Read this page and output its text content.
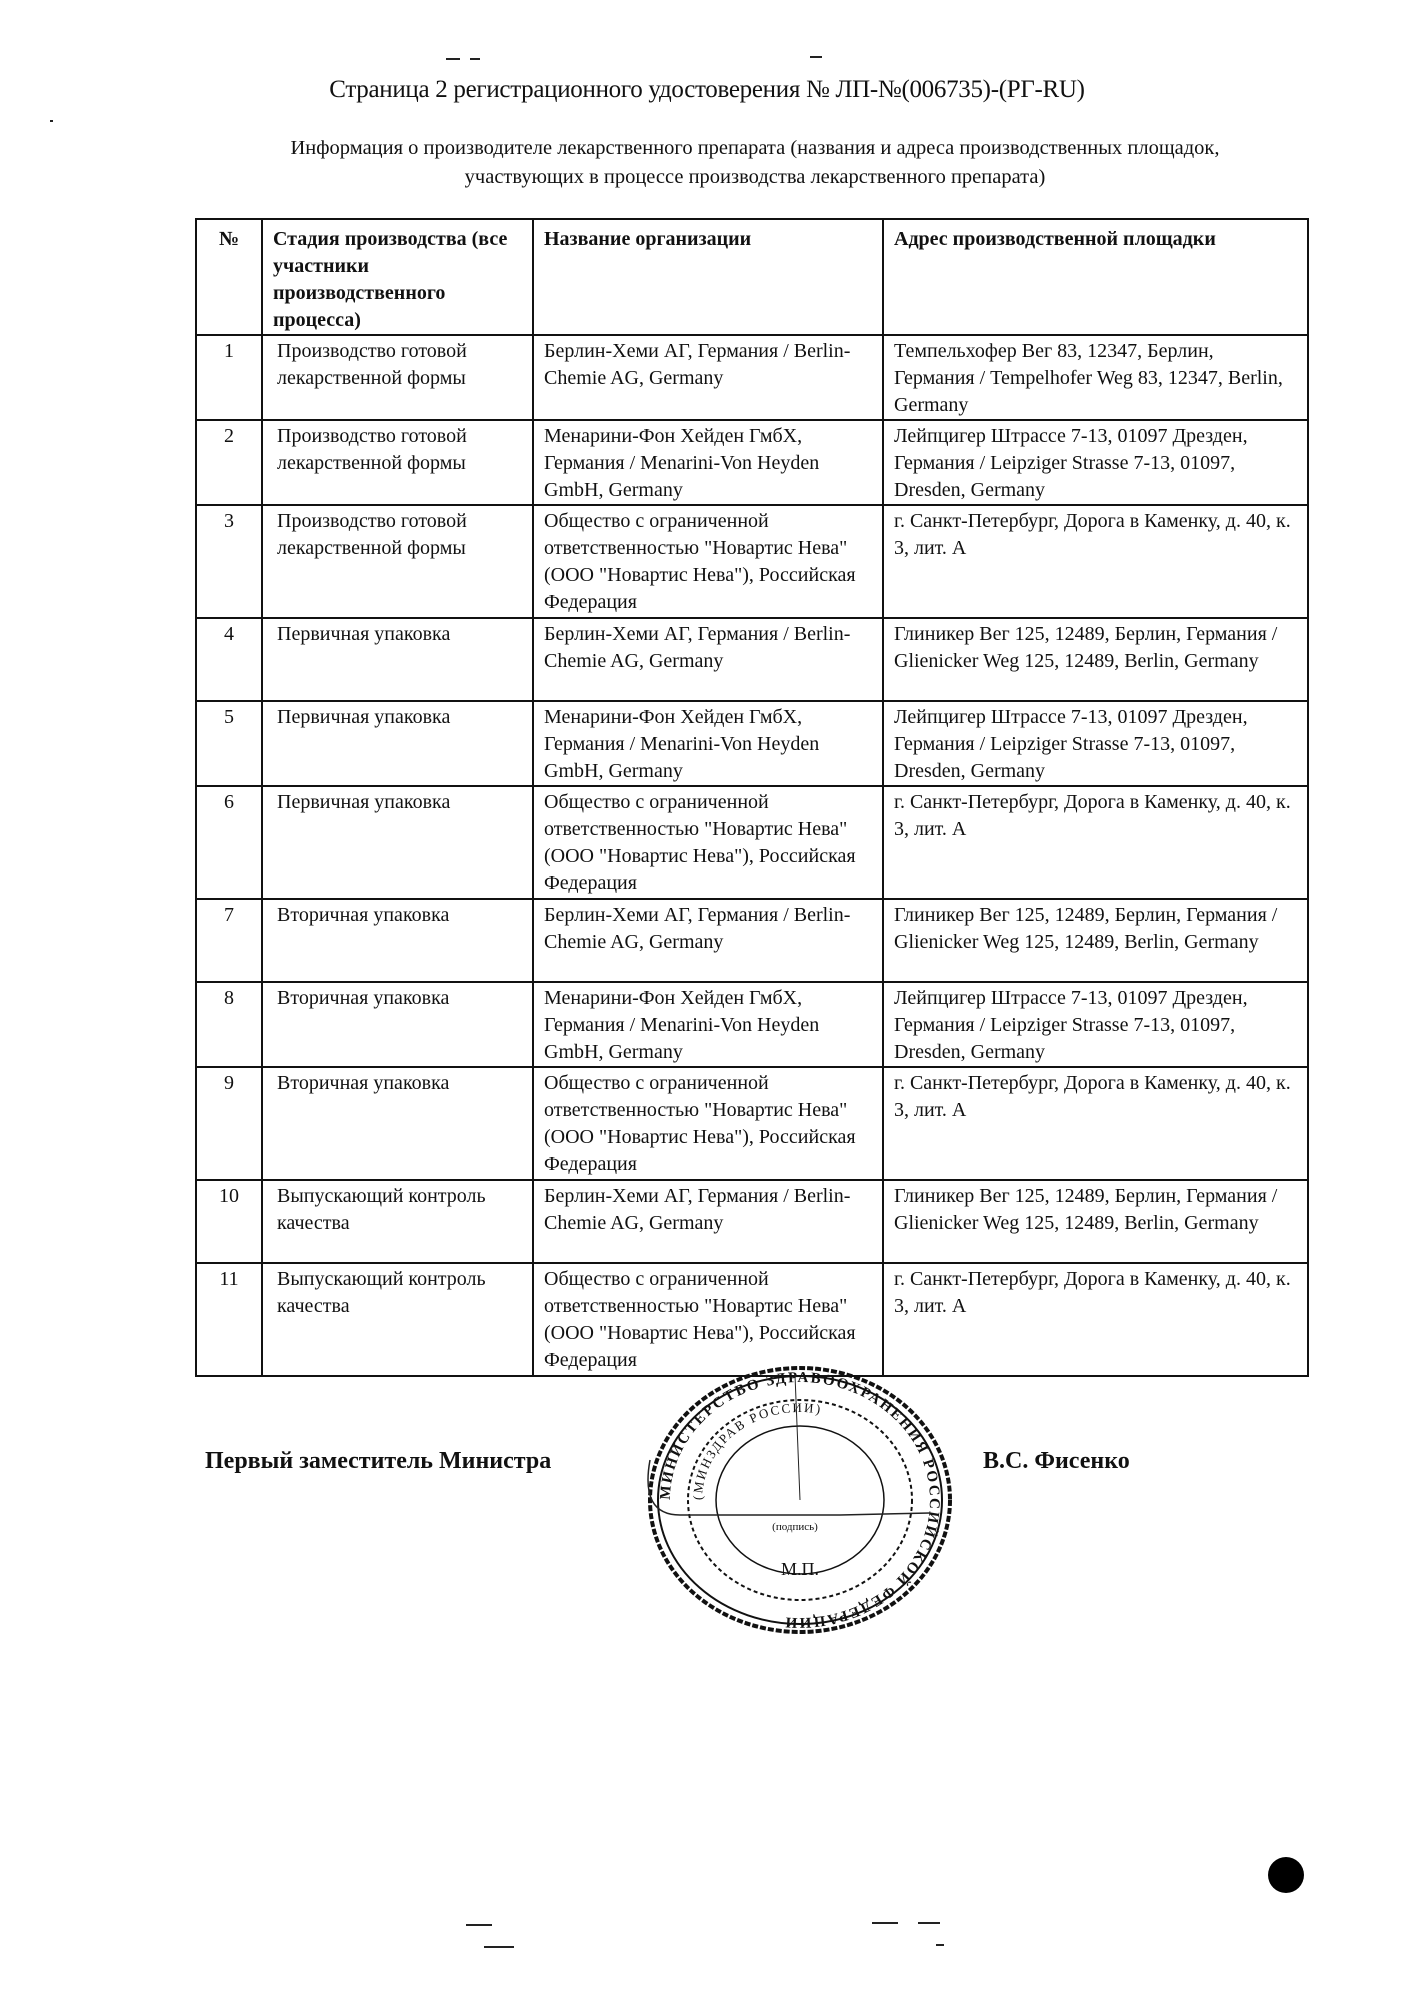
Страница 2 регистрационного удостоверения № ЛП-№(006735)-(РГ-RU)
Информация о производителе лекарственного препарата (названия и адреса производственных площадок,
участвующих в процессе производства лекарственного препарата)
№	Стадия производства (все участники производственного процесса)	Название организации	Адрес производственной площадки
1	Производство готовой лекарственной формы	Берлин-Хеми АГ, Германия / Berlin-Chemie AG, Germany	Темпельхофер Вег 83, 12347, Берлин, Германия / Tempelhofer Weg 83, 12347, Berlin, Germany
2	Производство готовой лекарственной формы	Менарини-Фон Хейден ГмбХ, Германия / Menarini-Von Heyden GmbH, Germany	Лейпцигер Штрассе 7-13, 01097 Дрезден, Германия / Leipziger Strasse 7-13, 01097, Dresden, Germany
3	Производство готовой лекарственной формы	Общество с ограниченной ответственностью "Новартис Нева" (ООО "Новартис Нева"), Российская Федерация	г. Санкт-Петербург, Дорога в Каменку, д. 40, к. 3, лит. А
4	Первичная упаковка	Берлин-Хеми АГ, Германия / Berlin-Chemie AG, Germany	Глиникер Вег 125, 12489, Берлин, Германия / Glienicker Weg 125, 12489, Berlin, Germany
5	Первичная упаковка	Менарини-Фон Хейден ГмбХ, Германия / Menarini-Von Heyden GmbH, Germany	Лейпцигер Штрассе 7-13, 01097 Дрезден, Германия / Leipziger Strasse 7-13, 01097, Dresden, Germany
6	Первичная упаковка	Общество с ограниченной ответственностью "Новартис Нева" (ООО "Новартис Нева"), Российская Федерация	г. Санкт-Петербург, Дорога в Каменку, д. 40, к. 3, лит. А
7	Вторичная упаковка	Берлин-Хеми АГ, Германия / Berlin-Chemie AG, Germany	Глиникер Вег 125, 12489, Берлин, Германия / Glienicker Weg 125, 12489, Berlin, Germany
8	Вторичная упаковка	Менарини-Фон Хейден ГмбХ, Германия / Menarini-Von Heyden GmbH, Germany	Лейпцигер Штрассе 7-13, 01097 Дрезден, Германия / Leipziger Strasse 7-13, 01097, Dresden, Germany
9	Вторичная упаковка	Общество с ограниченной ответственностью "Новартис Нева" (ООО "Новартис Нева"), Российская Федерация	г. Санкт-Петербург, Дорога в Каменку, д. 40, к. 3, лит. А
10	Выпускающий контроль качества	Берлин-Хеми АГ, Германия / Berlin-Chemie AG, Germany	Глиникер Вег 125, 12489, Берлин, Германия / Glienicker Weg 125, 12489, Berlin, Germany
11	Выпускающий контроль качества	Общество с ограниченной ответственностью "Новартис Нева" (ООО "Новартис Нева"), Российская Федерация	г. Санкт-Петербург, Дорога в Каменку, д. 40, к. 3, лит. А
Первый заместитель Министра	В.С. Фисенко
МИНИСТЕРСТВО ЗДРАВООХРАНЕНИЯ РОССИЙСКОЙ ФЕДЕРАЦИИ
(МИНЗДРАВ РОССИИ)
(подпись)
М.П.
